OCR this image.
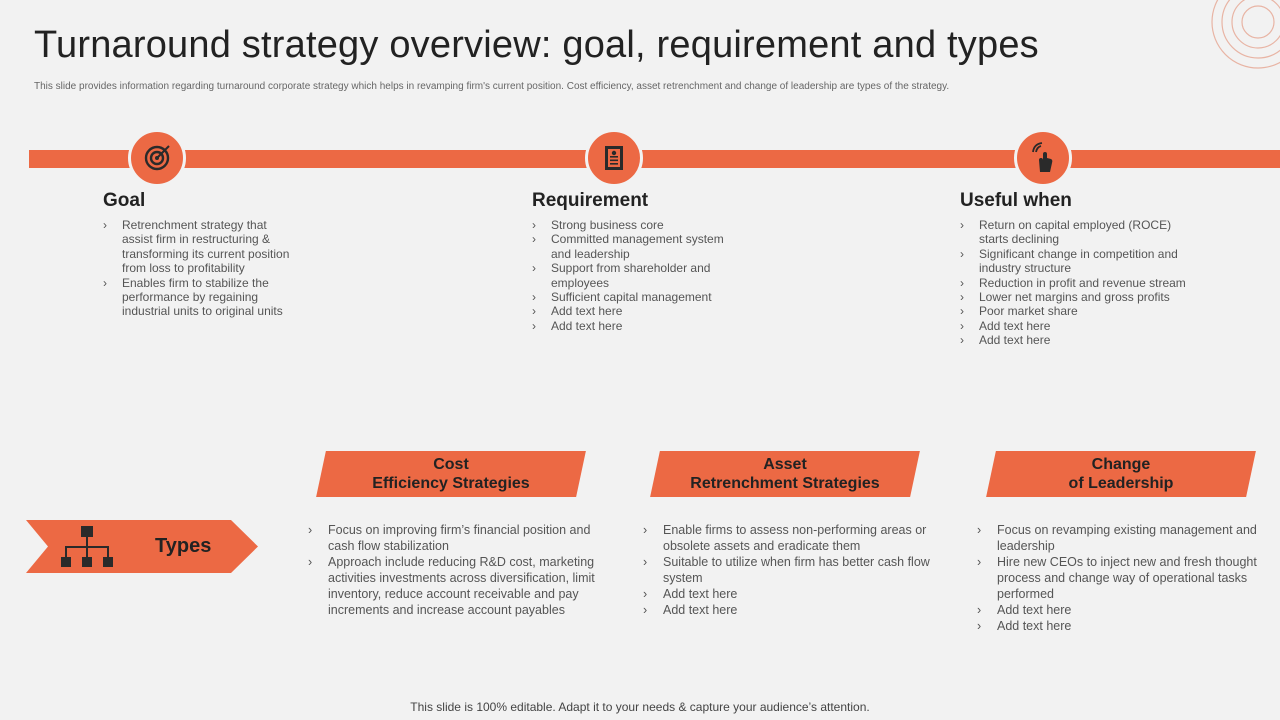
Turnaround strategy overview: goal, requirement and types
This slide provides information regarding turnaround corporate strategy which helps in revamping firm's current position. Cost efficiency, asset retrenchment and change of leadership are types of the strategy.
Goal
› Retrenchment strategy that assist firm in restructuring & transforming its current position from loss to profitability
› Enables firm to stabilize the performance by regaining industrial units to original units
Requirement
› Strong business core
› Committed management system and leadership
› Support from shareholder and employees
› Sufficient capital management
› Add text here
› Add text here
Useful when
› Return on capital employed (ROCE) starts declining
› Significant change in competition and industry structure
› Reduction in profit and revenue stream
› Lower net margins and gross profits
› Poor market share
› Add text here
› Add text here
Cost
Efficiency Strategies
Asset
Retrenchment Strategies
Change
of Leadership
Types
› Focus on improving firm’s financial position and cash flow stabilization
› Approach include reducing R&D cost, marketing activities investments across diversification, limit inventory, reduce account receivable and pay increments and increase account payables
› Enable firms to assess non-performing areas or obsolete assets and eradicate them
› Suitable to utilize when firm has better cash flow system
› Add text here
› Add text here
› Focus on revamping existing management and leadership
› Hire new CEOs to inject new and fresh thought process and change way of operational tasks performed
› Add text here
› Add text here
This slide is 100% editable. Adapt it to your needs & capture your audience’s attention.
